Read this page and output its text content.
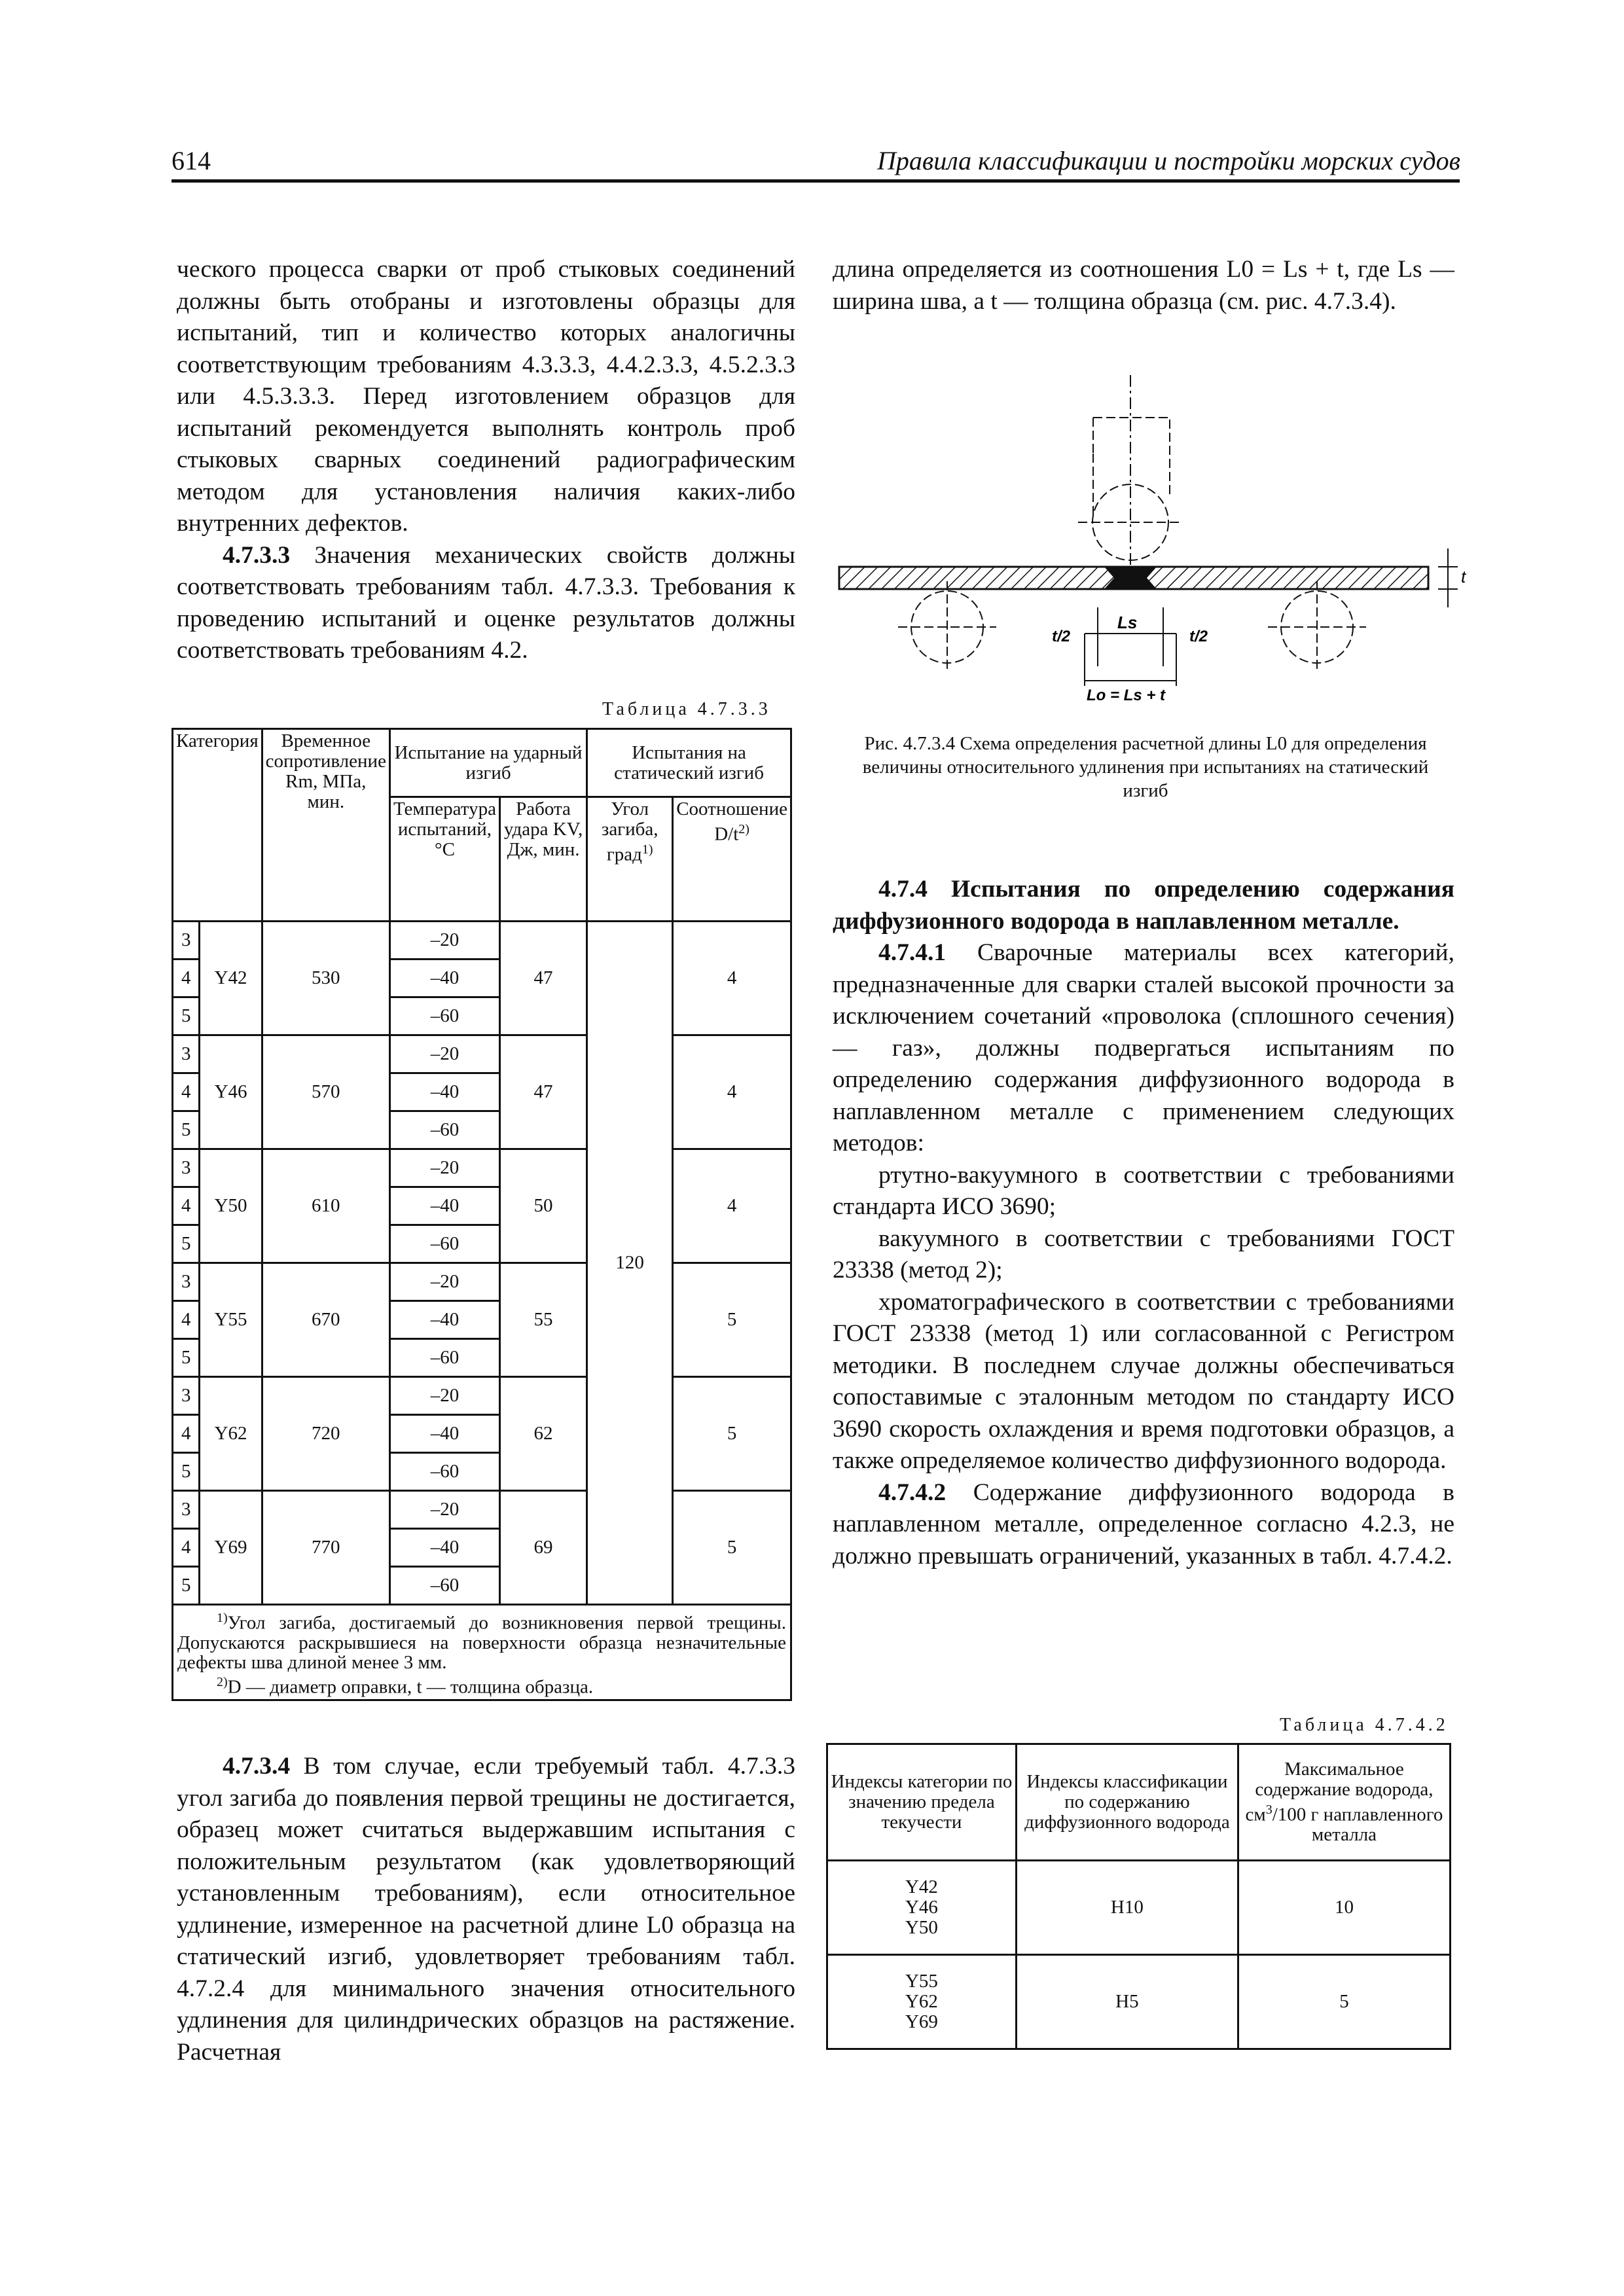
614	Правила классификации и постройки морских судов

ческого процесса сварки от проб стыковых соединений должны быть отобраны и изготовлены образцы для испытаний, тип и количество которых аналогичны соответствующим требованиям 4.3.3.3, 4.4.2.3.3, 4.5.2.3.3 или 4.5.3.3.3. Перед изготовлением образцов для испытаний рекомендуется выполнять контроль проб стыковых сварных соединений радиографическим методом для установления наличия каких-либо внутренних дефектов.

4.7.3.3 Значения механических свойств должны соответствовать требованиям табл. 4.7.3.3. Требования к проведению испытаний и оценке результатов должны соответствовать требованиям 4.2.

Таблица 4.7.3.3
Категория		Временное сопротивление Rm, МПа, мин.	Испытание на ударный изгиб		Испытания на статический изгиб	
			Температура испытаний, °C	Работа удара KV, Дж, мин.	Угол загиба, град$^{1)}$	Соотношение $D/t^{2)}$
3	Y42	530	–20	47	120	4
4			–40			
5			–60			
3	Y46	570	–20	47		4
4			–40			
5			–60			
3	Y50	610	–20	50		4
4			–40			
5			–60			
3	Y55	670	–20	55		5
4			–40			
5			–60			
3	Y62	720	–20	62		5
4			–40			
5			–60			
3	Y69	770	–20	69		5
4			–40			
5			–60			

$^{1)}$Угол загиба, достигаемый до возникновения первой трещины. Допускаются раскрывшиеся на поверхности образца незначительные дефекты шва длиной менее 3 мм.

$^{2)}$D — диаметр оправки, t — толщина образца.						

4.7.3.4 В том случае, если требуемый табл. 4.7.3.3 угол загиба до появления первой трещины не достигается, образец может считаться выдержавшим испытания с положительным результатом (как удовлетворяющий установленным требованиям), если относительное удлинение, измеренное на расчетной длине L0 образца на статический изгиб, удовлетворяет требованиям табл. 4.7.2.4 для минимального значения относительного удлинения для цилиндрических образцов на растяжение. Расчетная

длина определяется из соотношения L0 = Ls + t, где Ls — ширина шва, а t — толщина образца (см. рис. 4.7.3.4).

t
Ls
t/2	t/2
Lo = Ls + t
Рис. 4.7.3.4 Схема определения расчетной длины L0 для определения величины относительного удлинения при испытаниях на статический изгиб

4.7.4 Испытания по определению содержания диффузионного водорода в наплавленном металле.

4.7.4.1 Сварочные материалы всех категорий, предназначенные для сварки сталей высокой прочности за исключением сочетаний «проволока (сплошного сечения) — газ», должны подвергаться испытаниям по определению содержания диффузионного водорода в наплавленном металле с применением следующих методов:

ртутно-вакуумного в соответствии с требованиями стандарта ИСО 3690;

вакуумного в соответствии с требованиями ГОСТ 23338 (метод 2);

хроматографического в соответствии с требованиями ГОСТ 23338 (метод 1) или согласованной с Регистром методики. В последнем случае должны обеспечиваться сопоставимые с эталонным методом по стандарту ИСО 3690 скорость охлаждения и время подготовки образцов, а также определяемое количество диффузионного водорода.

4.7.4.2 Содержание диффузионного водорода в наплавленном металле, определенное согласно 4.2.3, не должно превышать ограничений, указанных в табл. 4.7.4.2.

Таблица 4.7.4.2
Индексы категории по значению предела текучести	Индексы классификации по содержанию диффузионного водорода	Максимальное содержание водорода, $см^3/100$ г наплавленного металла

Y42
Y46
Y50	H10	10

Y55
Y62
Y69	H5	5
